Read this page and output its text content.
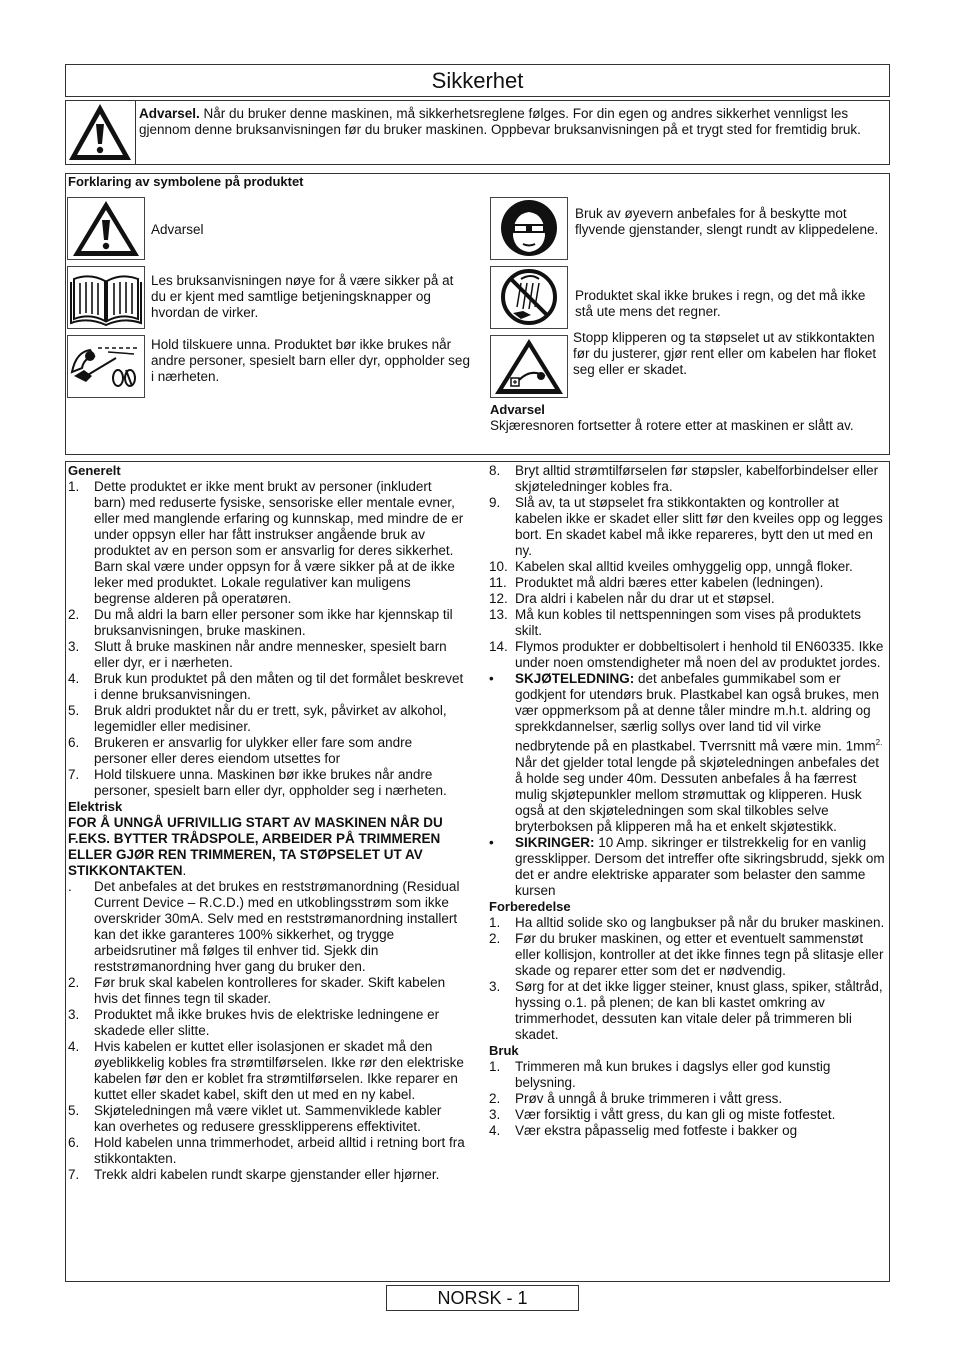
Sikkerhet
Advarsel. Når du bruker denne maskinen, må sikkerhetsreglene følges. For din egen og andres sikkerhet vennligst les gjennom denne bruksanvisningen før du bruker maskinen. Oppbevar bruksanvisningen på et trygt sted for fremtidig bruk.
Forklaring av symbolene på produktet
Advarsel
Les bruksanvisningen nøye for å være sikker på at du er kjent med samtlige betjeningsknapper og hvordan de virker.
Hold tilskuere unna. Produktet bør ikke brukes når andre personer, spesielt barn eller dyr, oppholder seg i nærheten.
Bruk av øyevern anbefales for å beskytte mot flyvende gjenstander, slengt rundt av klippedelene.
Produktet skal ikke brukes i regn, og det må ikke stå ute mens det regner.
Stopp klipperen og ta støpselet ut av stikkontakten før du justerer, gjør rent eller om kabelen har floket seg eller er skadet.
Advarsel
Skjæresnoren fortsetter å rotere etter at maskinen er slått av.

Generelt

1.	Dette produktet er ikke ment brukt av personer (inkludert barn) med reduserte fysiske, sensoriske eller mentale evner, eller med manglende erfaring og kunnskap, med mindre de er under oppsyn eller har fått instrukser angående bruk av produktet av en person som er ansvarlig for deres sikkerhet. Barn skal være under oppsyn for å være sikker på at de ikke leker med produktet. Lokale regulativer kan muligens begrense alderen på operatøren.
2.	Du må aldri la barn eller personer som ikke har kjennskap til bruksanvisningen, bruke maskinen.
3.	Slutt å bruke maskinen når andre mennesker, spesielt barn eller dyr, er i nærheten.
4.	Bruk kun produktet på den måten og til det formålet beskrevet i denne bruksanvisningen.
5.	Bruk aldri produktet når du er trett, syk, påvirket av alkohol, legemidler eller medisiner.
6.	Brukeren er ansvarlig for ulykker eller fare som andre personer eller deres eiendom utsettes for
7.	Hold tilskuere unna. Maskinen bør ikke brukes når andre personer, spesielt barn eller dyr, oppholder seg i nærheten.

Elektrisk

FOR Å UNNGÅ UFRIVILLIG START AV MASKINEN NÅR DU F.EKS. BYTTER TRÅDSPOLE, ARBEIDER PÅ TRIMMEREN ELLER GJØR REN TRIMMEREN, TA STØPSELET UT AV STIKKONTAKTEN.

.	Det anbefales at det brukes en reststrømanordning (Residual Current Device – R.C.D.) med en utkoblingsstrøm som ikke overskrider 30mA. Selv med en reststrømanordning installert kan det ikke garanteres 100% sikkerhet, og trygge arbeidsrutiner må følges til enhver tid. Sjekk din reststrømanordning hver gang du bruker den.
2.	Før bruk skal kabelen kontrolleres for skader. Skift kabelen hvis det finnes tegn til skader.
3.	Produktet må ikke brukes hvis de elektriske ledningene er skadede eller slitte.
4.	Hvis kabelen er kuttet eller isolasjonen er skadet må den øyeblikkelig kobles fra strømtilførselen. Ikke rør den elektriske kabelen før den er koblet fra strømtilførselen. Ikke reparer en kuttet eller skadet kabel, skift den ut med en ny kabel.
5.	Skjøteledningen må være viklet ut. Sammenviklede kabler kan overhetes og redusere gressklipperens effektivitet.
6.	Hold kabelen unna trimmerhodet, arbeid alltid i retning bort fra stikkontakten.
7.	Trekk aldri kabelen rundt skarpe gjenstander eller hjørner.
8.	Bryt alltid strømtilførselen før støpsler, kabelforbindelser eller skjøteledninger kobles fra.
9.	Slå av, ta ut støpselet fra stikkontakten og kontroller at kabelen ikke er skadet eller slitt før den kveiles opp og legges bort. En skadet kabel må ikke repareres, bytt den ut med en ny.
10. Kabelen skal alltid kveiles omhyggelig opp, unngå floker.
11. Produktet må aldri bæres etter kabelen (ledningen).
12. Dra aldri i kabelen når du drar ut et støpsel.
13. Må kun kobles til nettspenningen som vises på produktets skilt.
14. Flymos produkter er dobbeltisolert i henhold til EN60335. Ikke under noen omstendigheter må noen del av produktet jordes.
•	SKJØTELEDNING: det anbefales gummikabel som er godkjent for utendørs bruk. Plastkabel kan også brukes, men vær oppmerksom på at denne tåler mindre m.h.t. aldring og sprekkdannelser, særlig sollys over land tid vil virke nedbrytende på en plastkabel. Tverrsnitt må være min. $1mm^{2.}$ Når det gjelder total lengde på skjøteledningen anbefales det å holde seg under 40m. Dessuten anbefales å ha færrest mulig skjøtepunkler mellom strømuttak og klipperen. Husk også at den skjøteledningen som skal tilkobles selve bryterboksen på klipperen må ha et enkelt skjøtestikk.
•	SIKRINGER: 10 Amp. sikringer er tilstrekkelig for en vanlig gressklipper. Dersom det intreffer ofte sikringsbrudd, sjekk om det er andre elektriske apparater som belaster den samme kursen

Forberedelse

1.	Ha alltid solide sko og langbukser på når du bruker maskinen.
2.	Før du bruker maskinen, og etter et eventuelt sammenstøt eller kollisjon, kontroller at det ikke finnes tegn på slitasje eller skade og reparer etter som det er nødvendig.
3.	Sørg for at det ikke ligger steiner, knust glass, spiker, ståltråd, hyssing o.1. på plenen; de kan bli kastet omkring av trimmerhodet, dessuten kan vitale deler på trimmeren bli skadet.

Bruk

1.	Trimmeren må kun brukes i dagslys eller god kunstig belysning.
2.	Prøv å unngå å bruke trimmeren i vått gress.
3.	Vær forsiktig i vått gress, du kan gli og miste fotfestet.
4.	Vær ekstra påpasselig med fotfeste i bakker og
NORSK - 1
